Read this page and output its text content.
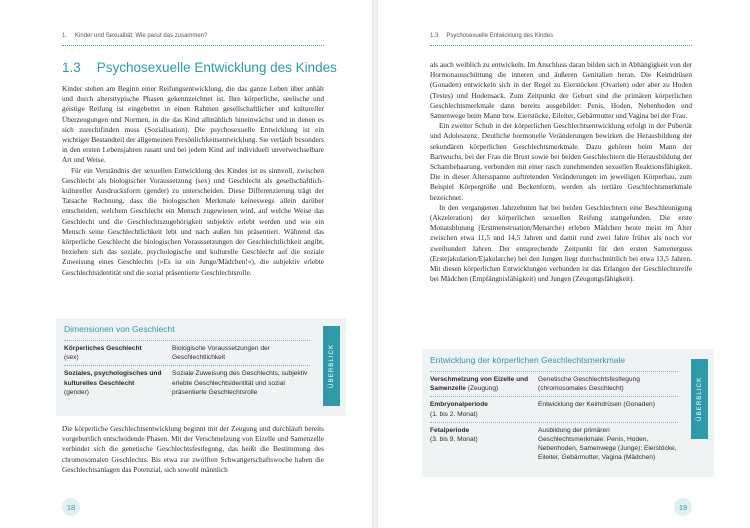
1. Kinder und Sexualität: Wie passt das zusammen?
1.3 Psychosexuelle Entwicklung des Kindes

Kinder stehen am Beginn einer Reifungsentwicklung, die das ganze Leben über anhält und durch altersttypische Phasen gekennzeichnet ist. Ihre körperliche, seelische und geistige Reifung ist eingebettet in einen Rahmen gesellschaftlicher und kultureller Überzeugungen und Normen, in die das Kind allmählich hineinwächst und in denen es sich zurechtfinden muss (Sozialisation). Die psychosexuelle Entwicklung ist ein wichtiger Bestandteil der allgemeinen Persönlichkeitsentwicklung. Sie verläuft besonders in den ersten Lebensjahren rasant und bei jedem Kind auf individuell unverwechselbare Art und Weise.

Für ein Verständnis der sexuellen Entwicklung des Kindes ist es sinnvoll, zwischen Geschlecht als biologischer Voraussetzung (sex) und Geschlecht als gesellschaftlich-kultureller Ausdrucksform (gender) zu unterscheiden. Diese Differenzierung trägt der Tatsache Rechnung, dass die biologischen Merkmale keineswegs allein darüber entscheiden, welchem Geschlecht ein Mensch zugewiesen wird, auf welche Weise das Geschlecht und die Geschlechtszugehörigkeit subjektiv erlebt werden und wie ein Mensch seine Geschlechtlichkeit lebt und nach außen hin präsentiert. Während das körperliche Geschlecht die biologischen Voraussetzungen der Geschlechtlichkeit angibt, beziehen sich das soziale, psychologische und kulturelle Geschlecht auf die soziale Zuweisung eines Geschlechts (»Es ist ein Junge/Mädchen!«), die subjektiv erlebte Geschlechtsidentität und die sozial präsentierte Geschlechtsrolle.

Dimensionen von Geschlecht
Körperliches Geschlecht
(sex)
Biologische Voraussetzungen der Geschlechtlichkeit
Soziales, psychologisches und kulturelles Geschlecht
(gender)
Soziale Zuweisung des Geschlechts, subjektiv erlebte Geschlechtsidentität und sozial präsentierte Geschlechtsrolle
ÜBERBLICK

Die körperliche Geschlechtsentwicklung beginnt mit der Zeugung und durchläuft bereits vorgeburtlich entscheidende Phasen. Mit der Verschmelzung von Eizelle und Samenzelle verbindet sich die genetische Geschlechtsfestlegung, das heißt die Bestimmung des chromosomalen Geschlechts. Bis etwa zur zwölften Schwangerschaftswoche haben die Geschlechtsanlagen das Potenzial, sich sowohl männlich

18
1.3 Psychosexuelle Entwicklung des Kindes

als auch weiblich zu entwickeln. Im Anschluss daran bilden sich in Abhängigkeit von der Hormonausschüttung die inneren und äußeren Genitalien heran. Die Keimdrüsen (Gonaden) entwickeln sich in der Regel zu Eierstöcken (Ovarien) oder aber zu Hoden (Testes) und Hodensack. Zum Zeitpunkt der Geburt sind die primären körperlichen Geschlechtsmerkmale dann bereits ausgebildet: Penis, Hoden, Nebenhoden und Samenwege beim Mann bzw. Eierstöcke, Eileiter, Gebärmutter und Vagina bei der Frau.

Ein zweiter Schub in der körperlichen Geschlechtsentwicklung erfolgt in der Pubertät und Adoleszenz. Deutliche hormonelle Veränderungen bewirken die Herausbildung der sekundären körperlichen Geschlechtsmerkmale. Dazu gehören beim Mann der Bartwuchs, bei der Frau die Brust sowie bei beiden Geschlechtern die Herausbildung der Schambehaarung, verbunden mit einer rasch zunehmenden sexuellen Reaktionsfähigkeit. Die in dieser Altersspanne auftretenden Veränderungen im jeweiligen Körperbau, zum Beispiel Körpergröße und Beckenform, werden als tertiäre Geschlechtsmerkmale bezeichnet.

In den vergangenen Jahrzehnten hat bei beiden Geschlechtern eine Beschleunigung (Akzeleration) der körperlichen sexuellen Reifung stattgefunden. Die erste Monatsblutung (Erstmenstruation/Menarche) erleben Mädchen heute meist im Alter zwischen etwa 11,5 und 14,5 Jahren und damit rund zwei Jahre früher als noch vor zweihundert Jahren. Der entsprechende Zeitpunkt für den ersten Samenerguss (Erstejakulation/Ejakularche) bei den Jungen liegt durchschnittlich bei etwa 13,5 Jahren. Mit diesen körperlichen Entwicklungen verbunden ist das Erlangen der Geschlechtsreife bei Mädchen (Empfängnisfähigkeit) und Jungen (Zeugungsfähigkeit).

Entwicklung der körperlichen Geschlechtsmerkmale
Verschmelzung von Eizelle und Samenzelle (Zeugung)
Genetische Geschlechtsfestlegung (chromosomales Geschlecht)
Embryonalperiode
(1. bis 2. Monat)
Entwicklung der Keimdrüsen (Gonaden)
Fetalperiode
(3. bis 9. Monat)
Ausbildung der primären Geschlechtsmerkmale: Penis, Hoden, Nebenhoden, Samenwege (Junge); Eierstöcke, Eileiter, Gebärmutter, Vagina (Mädchen)
ÜBERBLICK
19
